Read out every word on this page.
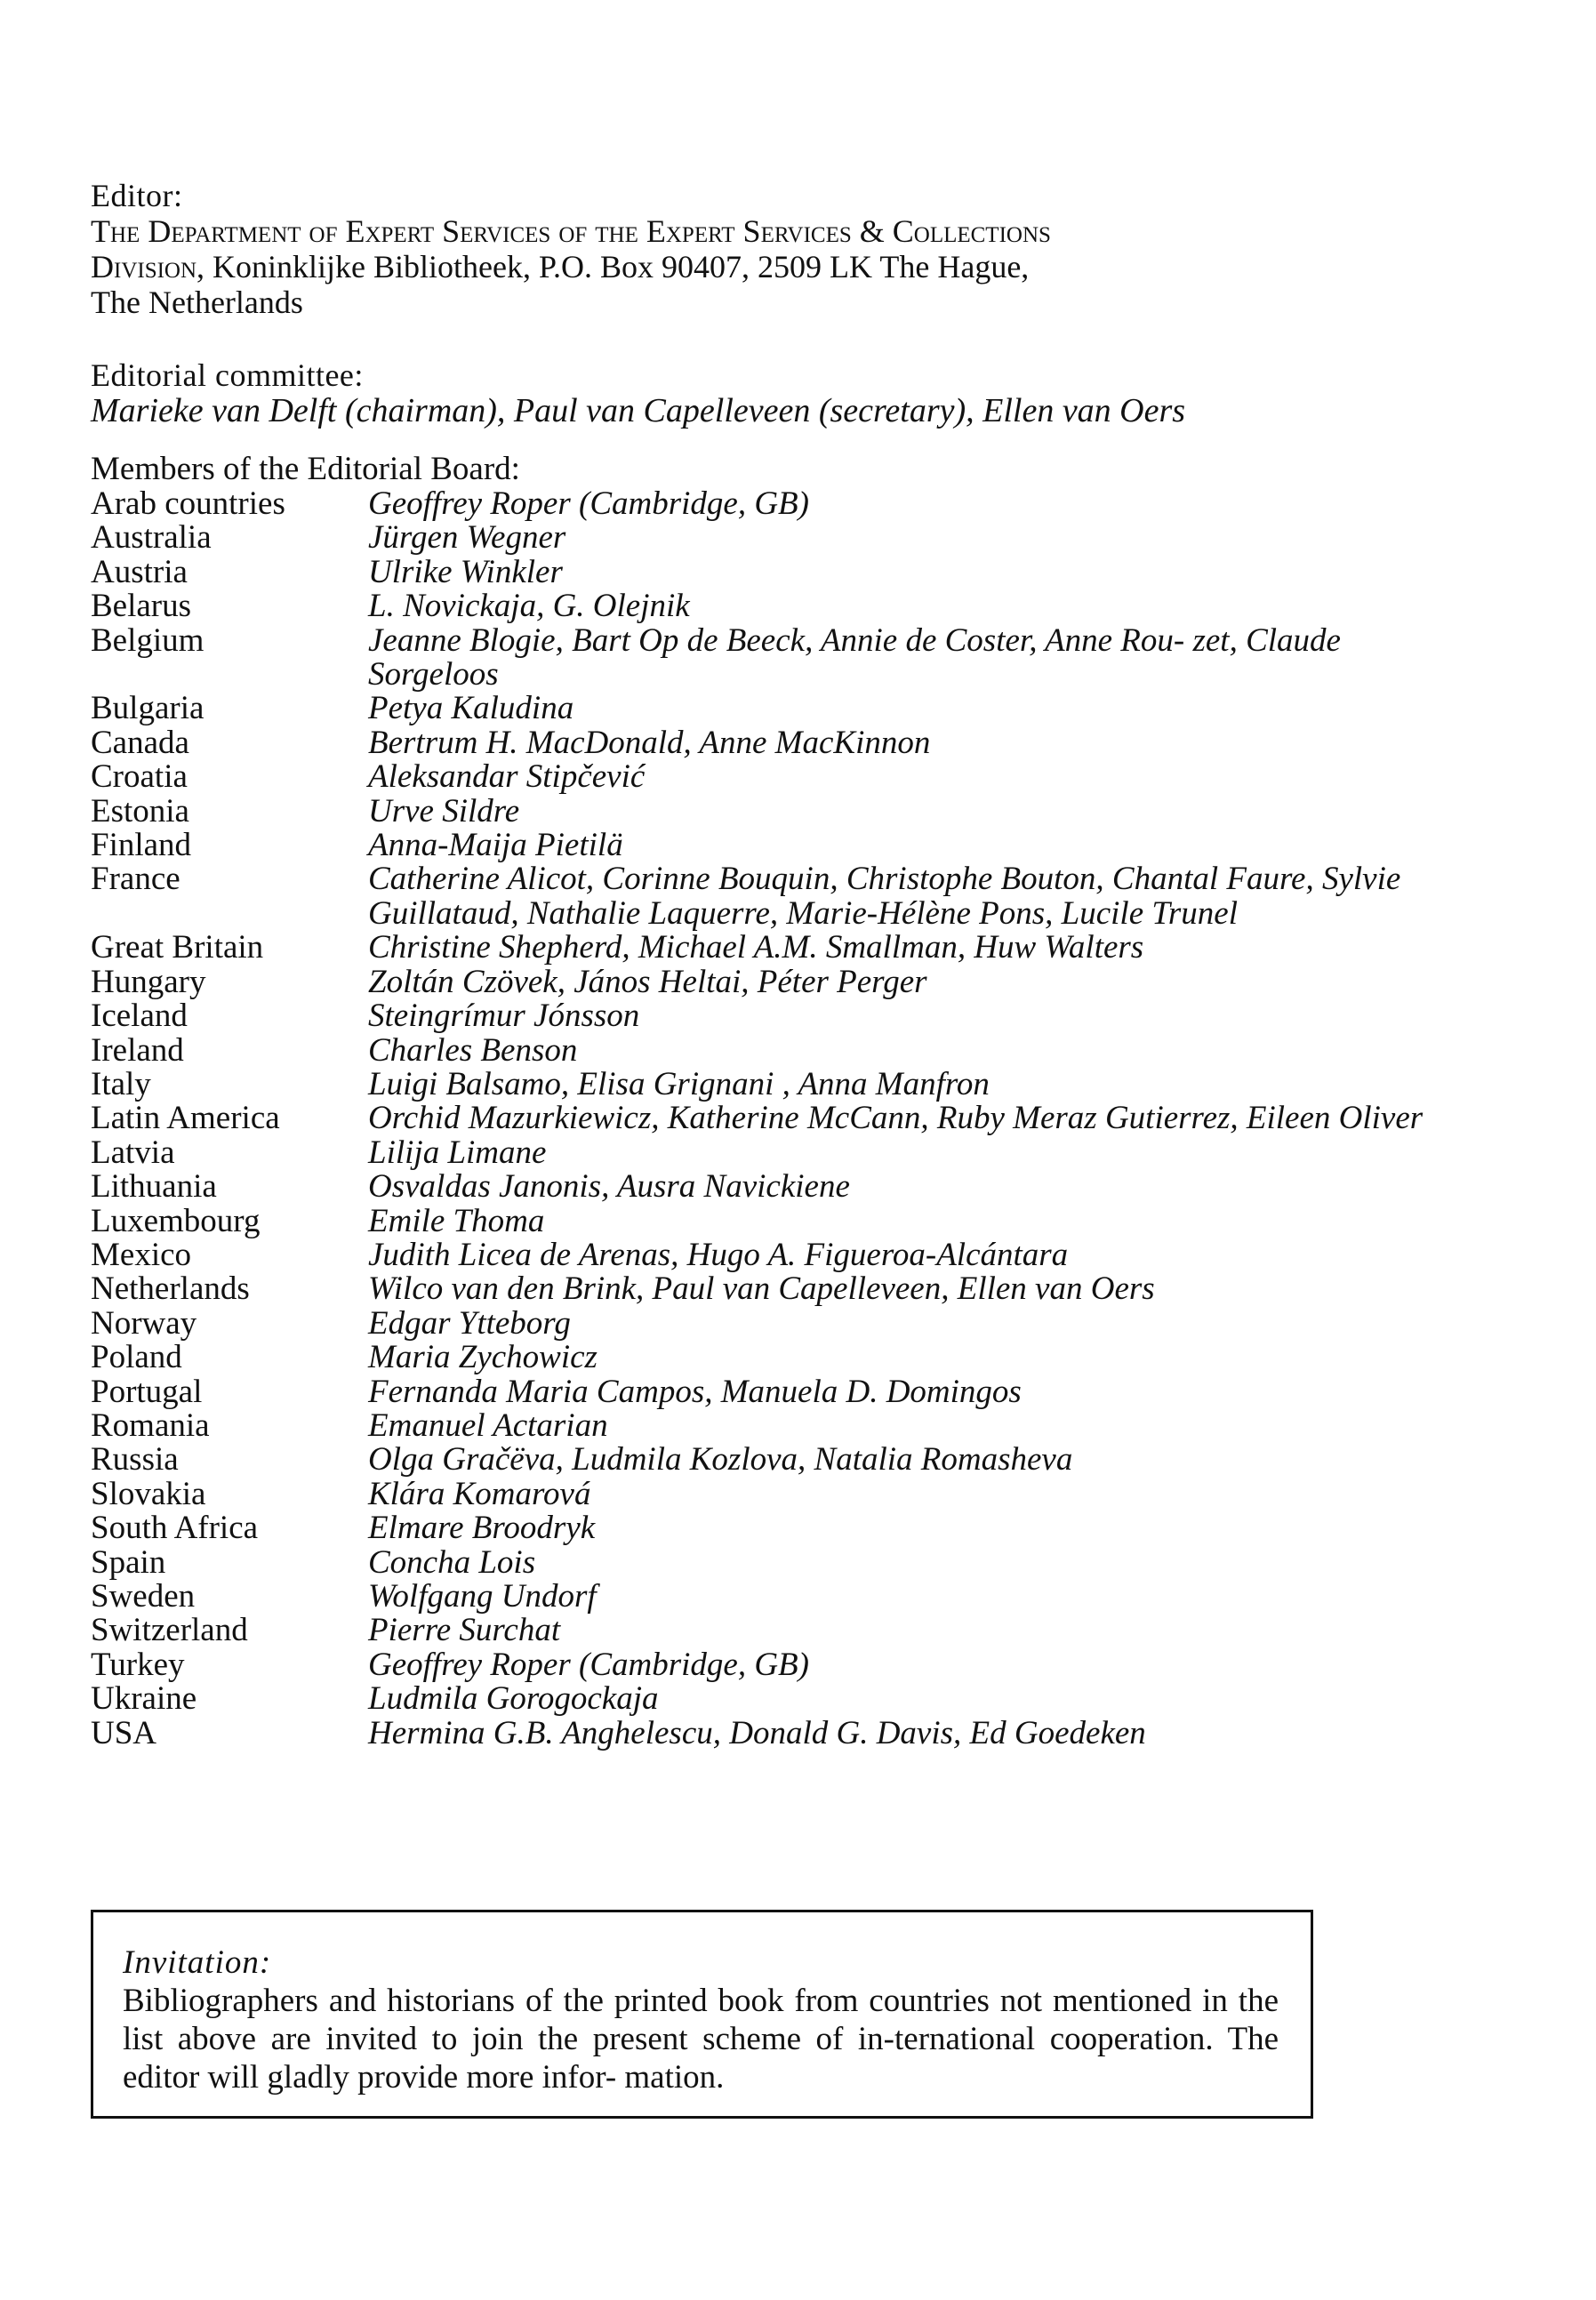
Editor:
The Department of Expert Services of the Expert Services & Collections
Division, Koninklijke Bibliotheek, P.O. Box 90407, 2509 LK The Hague,
The Netherlands
Editorial committee:
Marieke van Delft (chairman), Paul van Capelleveen (secretary), Ellen van Oers
Members of the Editorial Board:
Arab countries	Geoffrey Roper (Cambridge, GB)
Australia	Jürgen Wegner
Austria	Ulrike Winkler
Belarus	L. Novickaja, G. Olejnik
Belgium	Jeanne Blogie, Bart Op de Beeck, Annie de Coster, Anne Rou- zet, Claude Sorgeloos
Bulgaria	Petya Kaludina
Canada	Bertrum H. MacDonald, Anne MacKinnon
Croatia	Aleksandar Stipčević
Estonia	Urve Sildre
Finland	Anna-Maija Pietilä
France	Catherine Alicot, Corinne Bouquin, Christophe Bouton, Chantal Faure, Sylvie Guillataud, Nathalie Laquerre, Marie-Hélène Pons, Lucile Trunel
Great Britain	Christine Shepherd, Michael A.M. Smallman, Huw Walters
Hungary	Zoltán Czövek, János Heltai, Péter Perger
Iceland	Steingrímur Jónsson
Ireland	Charles Benson
Italy	Luigi Balsamo, Elisa Grignani , Anna Manfron
Latin America	Orchid Mazurkiewicz, Katherine McCann, Ruby Meraz Gutierrez, Eileen Oliver
Latvia	Lilija Limane
Lithuania	Osvaldas Janonis, Ausra Navickiene
Luxembourg	Emile Thoma
Mexico	Judith Licea de Arenas, Hugo A. Figueroa-Alcántara
Netherlands	Wilco van den Brink, Paul van Capelleveen, Ellen van Oers
Norway	Edgar Ytteborg
Poland	Maria Zychowicz
Portugal	Fernanda Maria Campos, Manuela D. Domingos
Romania	Emanuel Actarian
Russia	Olga Gračëva, Ludmila Kozlova, Natalia Romasheva
Slovakia	Klára Komarová
South Africa	Elmare Broodryk
Spain	Concha Lois
Sweden	Wolfgang Undorf
Switzerland	Pierre Surchat
Turkey	Geoffrey Roper (Cambridge, GB)
Ukraine	Ludmila Gorogockaja
USA	Hermina G.B. Anghelescu, Donald G. Davis, Ed Goedeken
Invitation:
Bibliographers and historians of the printed book from countries not mentioned in the list above are invited to join the present scheme of in-ternational cooperation. The editor will gladly provide more infor- mation.
